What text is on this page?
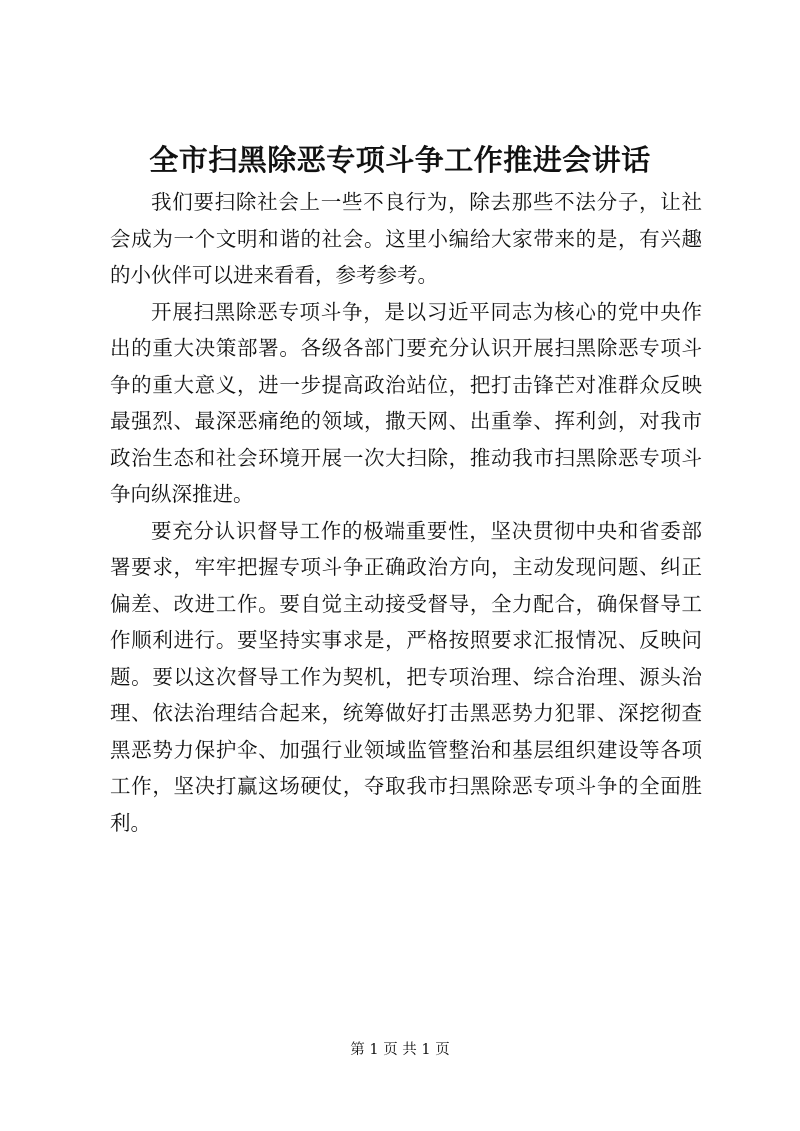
全市扫黑除恶专项斗争工作推进会讲话

我们要扫除社会上一些不良行为，除去那些不法分子，让社会成为一个文明和谐的社会。这里小编给大家带来的是，有兴趣的小伙伴可以进来看看，参考参考。

开展扫黑除恶专项斗争，是以习近平同志为核心的党中央作出的重大决策部署。各级各部门要充分认识开展扫黑除恶专项斗争的重大意义，进一步提高政治站位，把打击锋芒对准群众反映最强烈、最深恶痛绝的领域，撒天网、出重拳、挥利剑，对我市政治生态和社会环境开展一次大扫除，推动我市扫黑除恶专项斗争向纵深推进。

要充分认识督导工作的极端重要性，坚决贯彻中央和省委部署要求，牢牢把握专项斗争正确政治方向，主动发现问题、纠正偏差、改进工作。要自觉主动接受督导，全力配合，确保督导工作顺利进行。要坚持实事求是，严格按照要求汇报情况、反映问题。要以这次督导工作为契机，把专项治理、综合治理、源头治理、依法治理结合起来，统筹做好打击黑恶势力犯罪、深挖彻查黑恶势力保护伞、加强行业领域监管整治和基层组织建设等各项工作，坚决打赢这场硬仗，夺取我市扫黑除恶专项斗争的全面胜利。

第 1 页 共 1 页
